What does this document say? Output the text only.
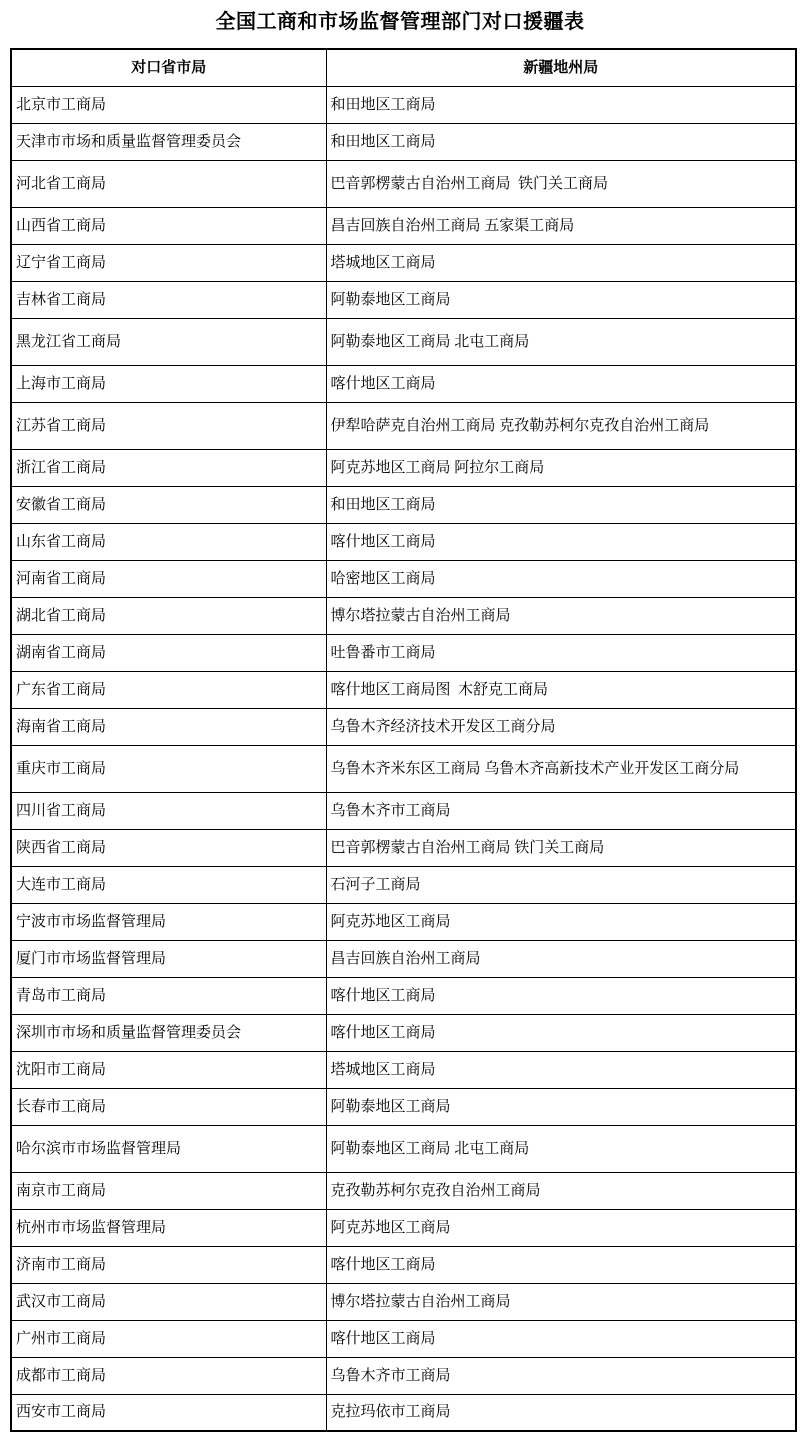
全国工商和市场监督管理部门对口援疆表
对口省市局	新疆地州局
北京市工商局	和田地区工商局
天津市市场和质量监督管理委员会	和田地区工商局
河北省工商局	巴音郭楞蒙古自治州工商局  铁门关工商局
山西省工商局	昌吉回族自治州工商局 五家渠工商局
辽宁省工商局	塔城地区工商局
吉林省工商局	阿勒泰地区工商局
黑龙江省工商局	阿勒泰地区工商局 北屯工商局
上海市工商局	喀什地区工商局
江苏省工商局	伊犁哈萨克自治州工商局 克孜勒苏柯尔克孜自治州工商局
浙江省工商局	阿克苏地区工商局 阿拉尔工商局
安徽省工商局	和田地区工商局
山东省工商局	喀什地区工商局
河南省工商局	哈密地区工商局
湖北省工商局	博尔塔拉蒙古自治州工商局
湖南省工商局	吐鲁番市工商局
广东省工商局	喀什地区工商局图  木舒克工商局
海南省工商局	乌鲁木齐经济技术开发区工商分局
重庆市工商局	乌鲁木齐米东区工商局 乌鲁木齐高新技术产业开发区工商分局
四川省工商局	乌鲁木齐市工商局
陕西省工商局	巴音郭楞蒙古自治州工商局 铁门关工商局
大连市工商局	石河子工商局
宁波市市场监督管理局	阿克苏地区工商局
厦门市市场监督管理局	昌吉回族自治州工商局
青岛市工商局	喀什地区工商局
深圳市市场和质量监督管理委员会	喀什地区工商局
沈阳市工商局	塔城地区工商局
长春市工商局	阿勒泰地区工商局
哈尔滨市市场监督管理局	阿勒泰地区工商局 北屯工商局
南京市工商局	克孜勒苏柯尔克孜自治州工商局
杭州市市场监督管理局	阿克苏地区工商局
济南市工商局	喀什地区工商局
武汉市工商局	博尔塔拉蒙古自治州工商局
广州市工商局	喀什地区工商局
成都市工商局	乌鲁木齐市工商局
西安市工商局	克拉玛依市工商局
